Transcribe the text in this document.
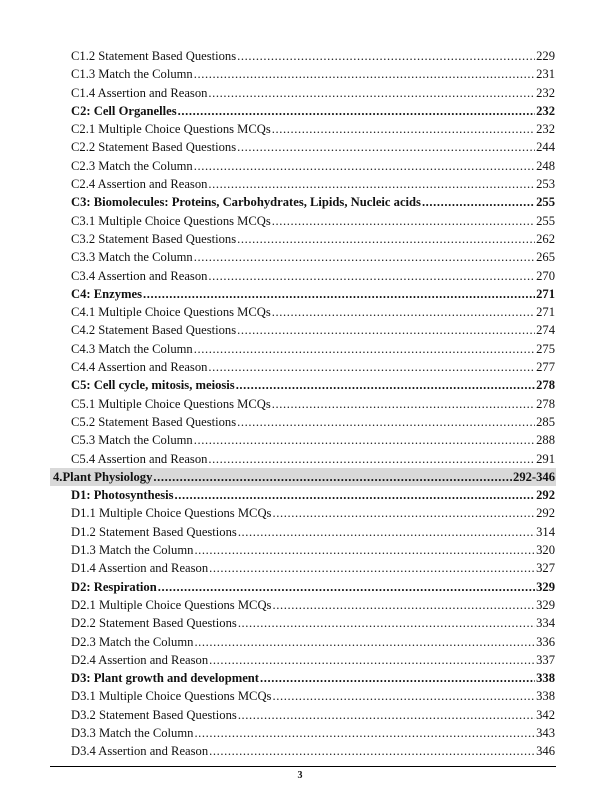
C1.2 Statement Based Questions .....	229
C1.3 Match the Column .....	231
C1.4 Assertion and Reason .....	232
C2: Cell Organelles .....	232
C2.1 Multiple Choice Questions MCQs .....	232
C2.2 Statement Based Questions .....	244
C2.3 Match the Column .....	248
C2.4 Assertion and Reason .....	253
C3: Biomolecules: Proteins, Carbohydrates, Lipids, Nucleic acids .....	255
C3.1 Multiple Choice Questions MCQs .....	255
C3.2 Statement Based Questions .....	262
C3.3 Match the Column .....	265
C3.4 Assertion and Reason .....	270
C4: Enzymes .....	271
C4.1 Multiple Choice Questions MCQs .....	271
C4.2 Statement Based Questions .....	274
C4.3 Match the Column .....	275
C4.4 Assertion and Reason .....	277
C5: Cell cycle, mitosis, meiosis .....	278
C5.1 Multiple Choice Questions MCQs .....	278
C5.2 Statement Based Questions .....	285
C5.3 Match the Column .....	288
C5.4 Assertion and Reason .....	291
4. Plant Physiology .....	292-346
D1: Photosynthesis .....	292
D1.1 Multiple Choice Questions MCQs .....	292
D1.2 Statement Based Questions .....	314
D1.3 Match the Column .....	320
D1.4 Assertion and Reason .....	327
D2: Respiration .....	329
D2.1 Multiple Choice Questions MCQs .....	329
D2.2 Statement Based Questions .....	334
D2.3 Match the Column .....	336
D2.4 Assertion and Reason .....	337
D3: Plant growth and development .....	338
D3.1 Multiple Choice Questions MCQs .....	338
D3.2 Statement Based Questions .....	342
D3.3 Match the Column .....	343
D3.4 Assertion and Reason .....	346
3
